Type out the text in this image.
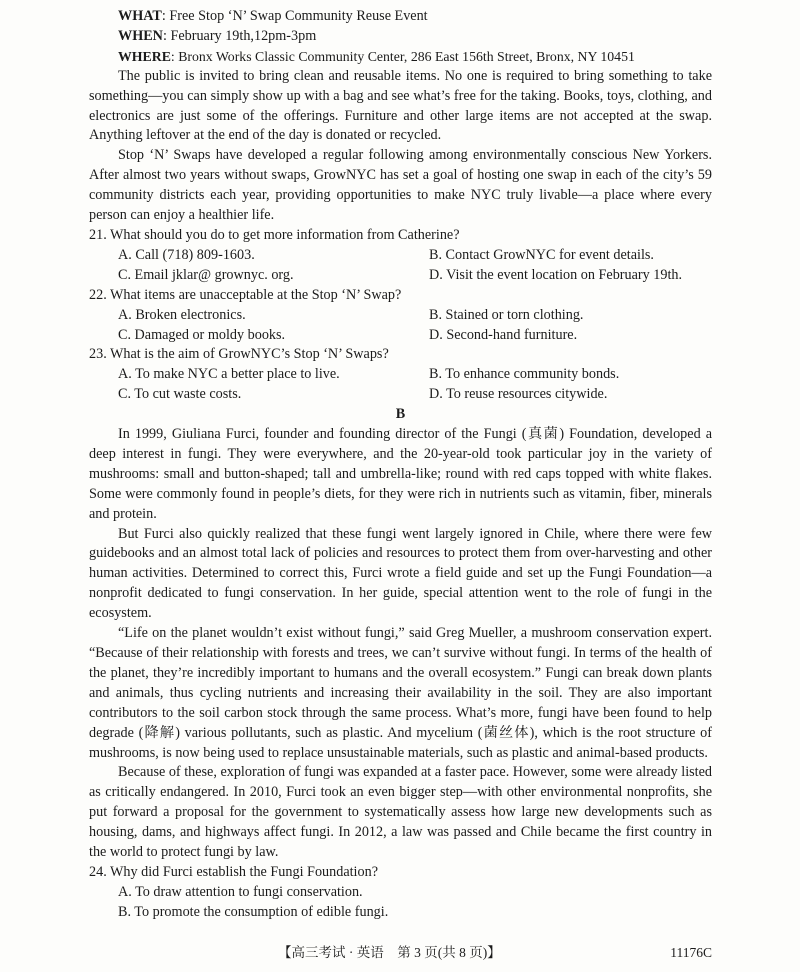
WHAT: Free Stop ‘N’ Swap Community Reuse Event

WHEN: February 19th,12pm-3pm

WHERE: Bronx Works Classic Community Center, 286 East 156th Street, Bronx, NY 10451

The public is invited to bring clean and reusable items. No one is required to bring something to take something—you can simply show up with a bag and see what’s free for the taking. Books, toys, clothing, and electronics are just some of the offerings. Furniture and other large items are not accepted at the swap. Anything leftover at the end of the day is donated or recycled.

Stop ‘N’ Swaps have developed a regular following among environmentally conscious New Yorkers. After almost two years without swaps, GrowNYC has set a goal of hosting one swap in each of the city’s 59 community districts each year, providing opportunities to make NYC truly livable—a place where every person can enjoy a healthier life.

21. What should you do to get more information from Catherine?

A. Call (718) 809-1603.	B. Contact GrowNYC for event details.
C. Email jklar@ grownyc. org.	D. Visit the event location on February 19th.

22. What items are unacceptable at the Stop ‘N’ Swap?

A. Broken electronics.	B. Stained or torn clothing.
C. Damaged or moldy books.	D. Second-hand furniture.

23. What is the aim of GrowNYC’s Stop ‘N’ Swaps?

A. To make NYC a better place to live.	B. To enhance community bonds.
C. To cut waste costs.	D. To reuse resources citywide.

B

In 1999, Giuliana Furci, founder and founding director of the Fungi (真菌) Foundation, developed a deep interest in fungi. They were everywhere, and the 20-year-old took particular joy in the variety of mushrooms: small and button-shaped; tall and umbrella-like; round with red caps topped with white flakes. Some were commonly found in people’s diets, for they were rich in nutrients such as vitamin, fiber, minerals and protein.

But Furci also quickly realized that these fungi went largely ignored in Chile, where there were few guidebooks and an almost total lack of policies and resources to protect them from over-harvesting and other human activities. Determined to correct this, Furci wrote a field guide and set up the Fungi Foundation—a nonprofit dedicated to fungi conservation. In her guide, special attention went to the role of fungi in the ecosystem.

“Life on the planet wouldn’t exist without fungi,” said Greg Mueller, a mushroom conservation expert. “Because of their relationship with forests and trees, we can’t survive without fungi. In terms of the health of the planet, they’re incredibly important to humans and the overall ecosystem.” Fungi can break down plants and animals, thus cycling nutrients and increasing their availability in the soil. They are also important contributors to the soil carbon stock through the same process. What’s more, fungi have been found to help degrade (降解) various pollutants, such as plastic. And mycelium (菌丝体), which is the root structure of mushrooms, is now being used to replace unsustainable materials, such as plastic and animal-based products.

Because of these, exploration of fungi was expanded at a faster pace. However, some were already listed as critically endangered. In 2010, Furci took an even bigger step—with other environmental nonprofits, she put forward a proposal for the government to systematically assess how large new developments such as housing, dams, and highways affect fungi. In 2012, a law was passed and Chile became the first country in the world to protect fungi by law.

24. Why did Furci establish the Fungi Foundation?

A. To draw attention to fungi conservation.

B. To promote the consumption of edible fungi.

【高三考试 · 英语　第 3 页(共 8 页)】	11176C
